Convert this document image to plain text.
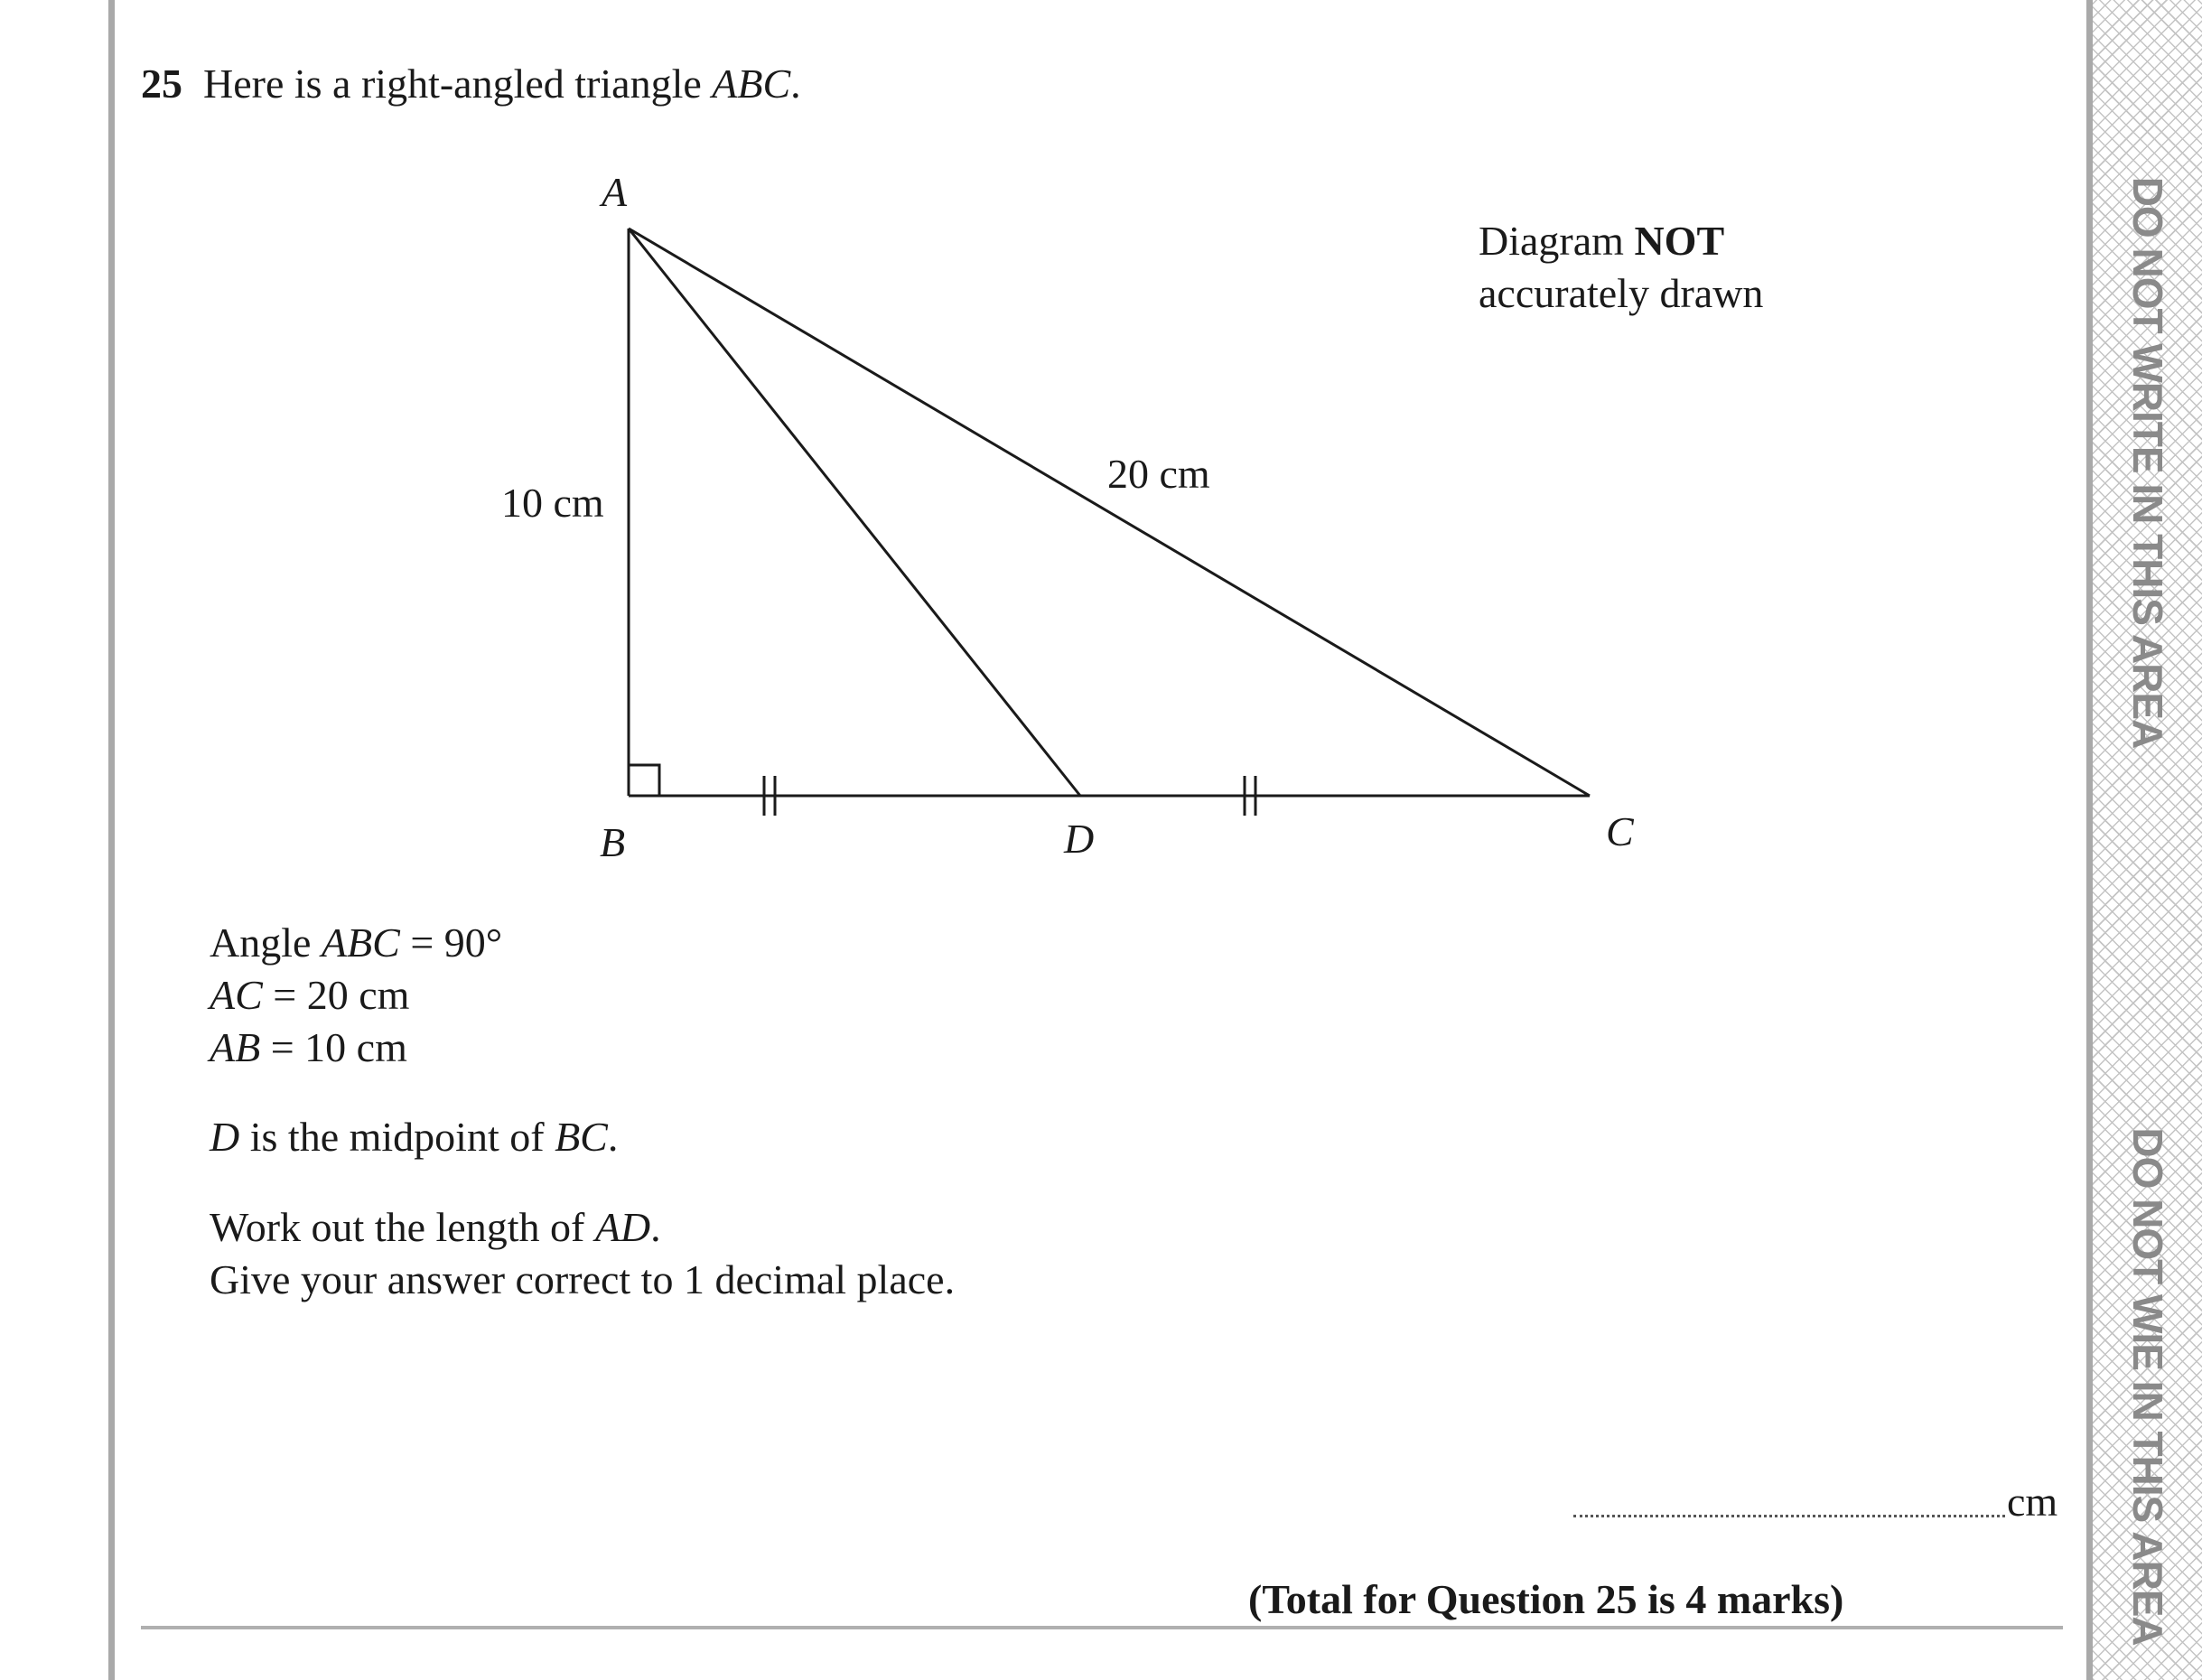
DO NOT WRITE IN THIS AREA
DO NOT WIE IN THIS AREA
25 Here is a right-angled triangle ABC.
A
B	D	C
10 cm
20 cm
Diagram NOT
accurately drawn
Angle ABC = 90°
AC = 20 cm
AB = 10 cm
D is the midpoint of BC.
Work out the length of AD.
Give your answer correct to 1 decimal place.
cm
(Total for Question 25 is 4 marks)
